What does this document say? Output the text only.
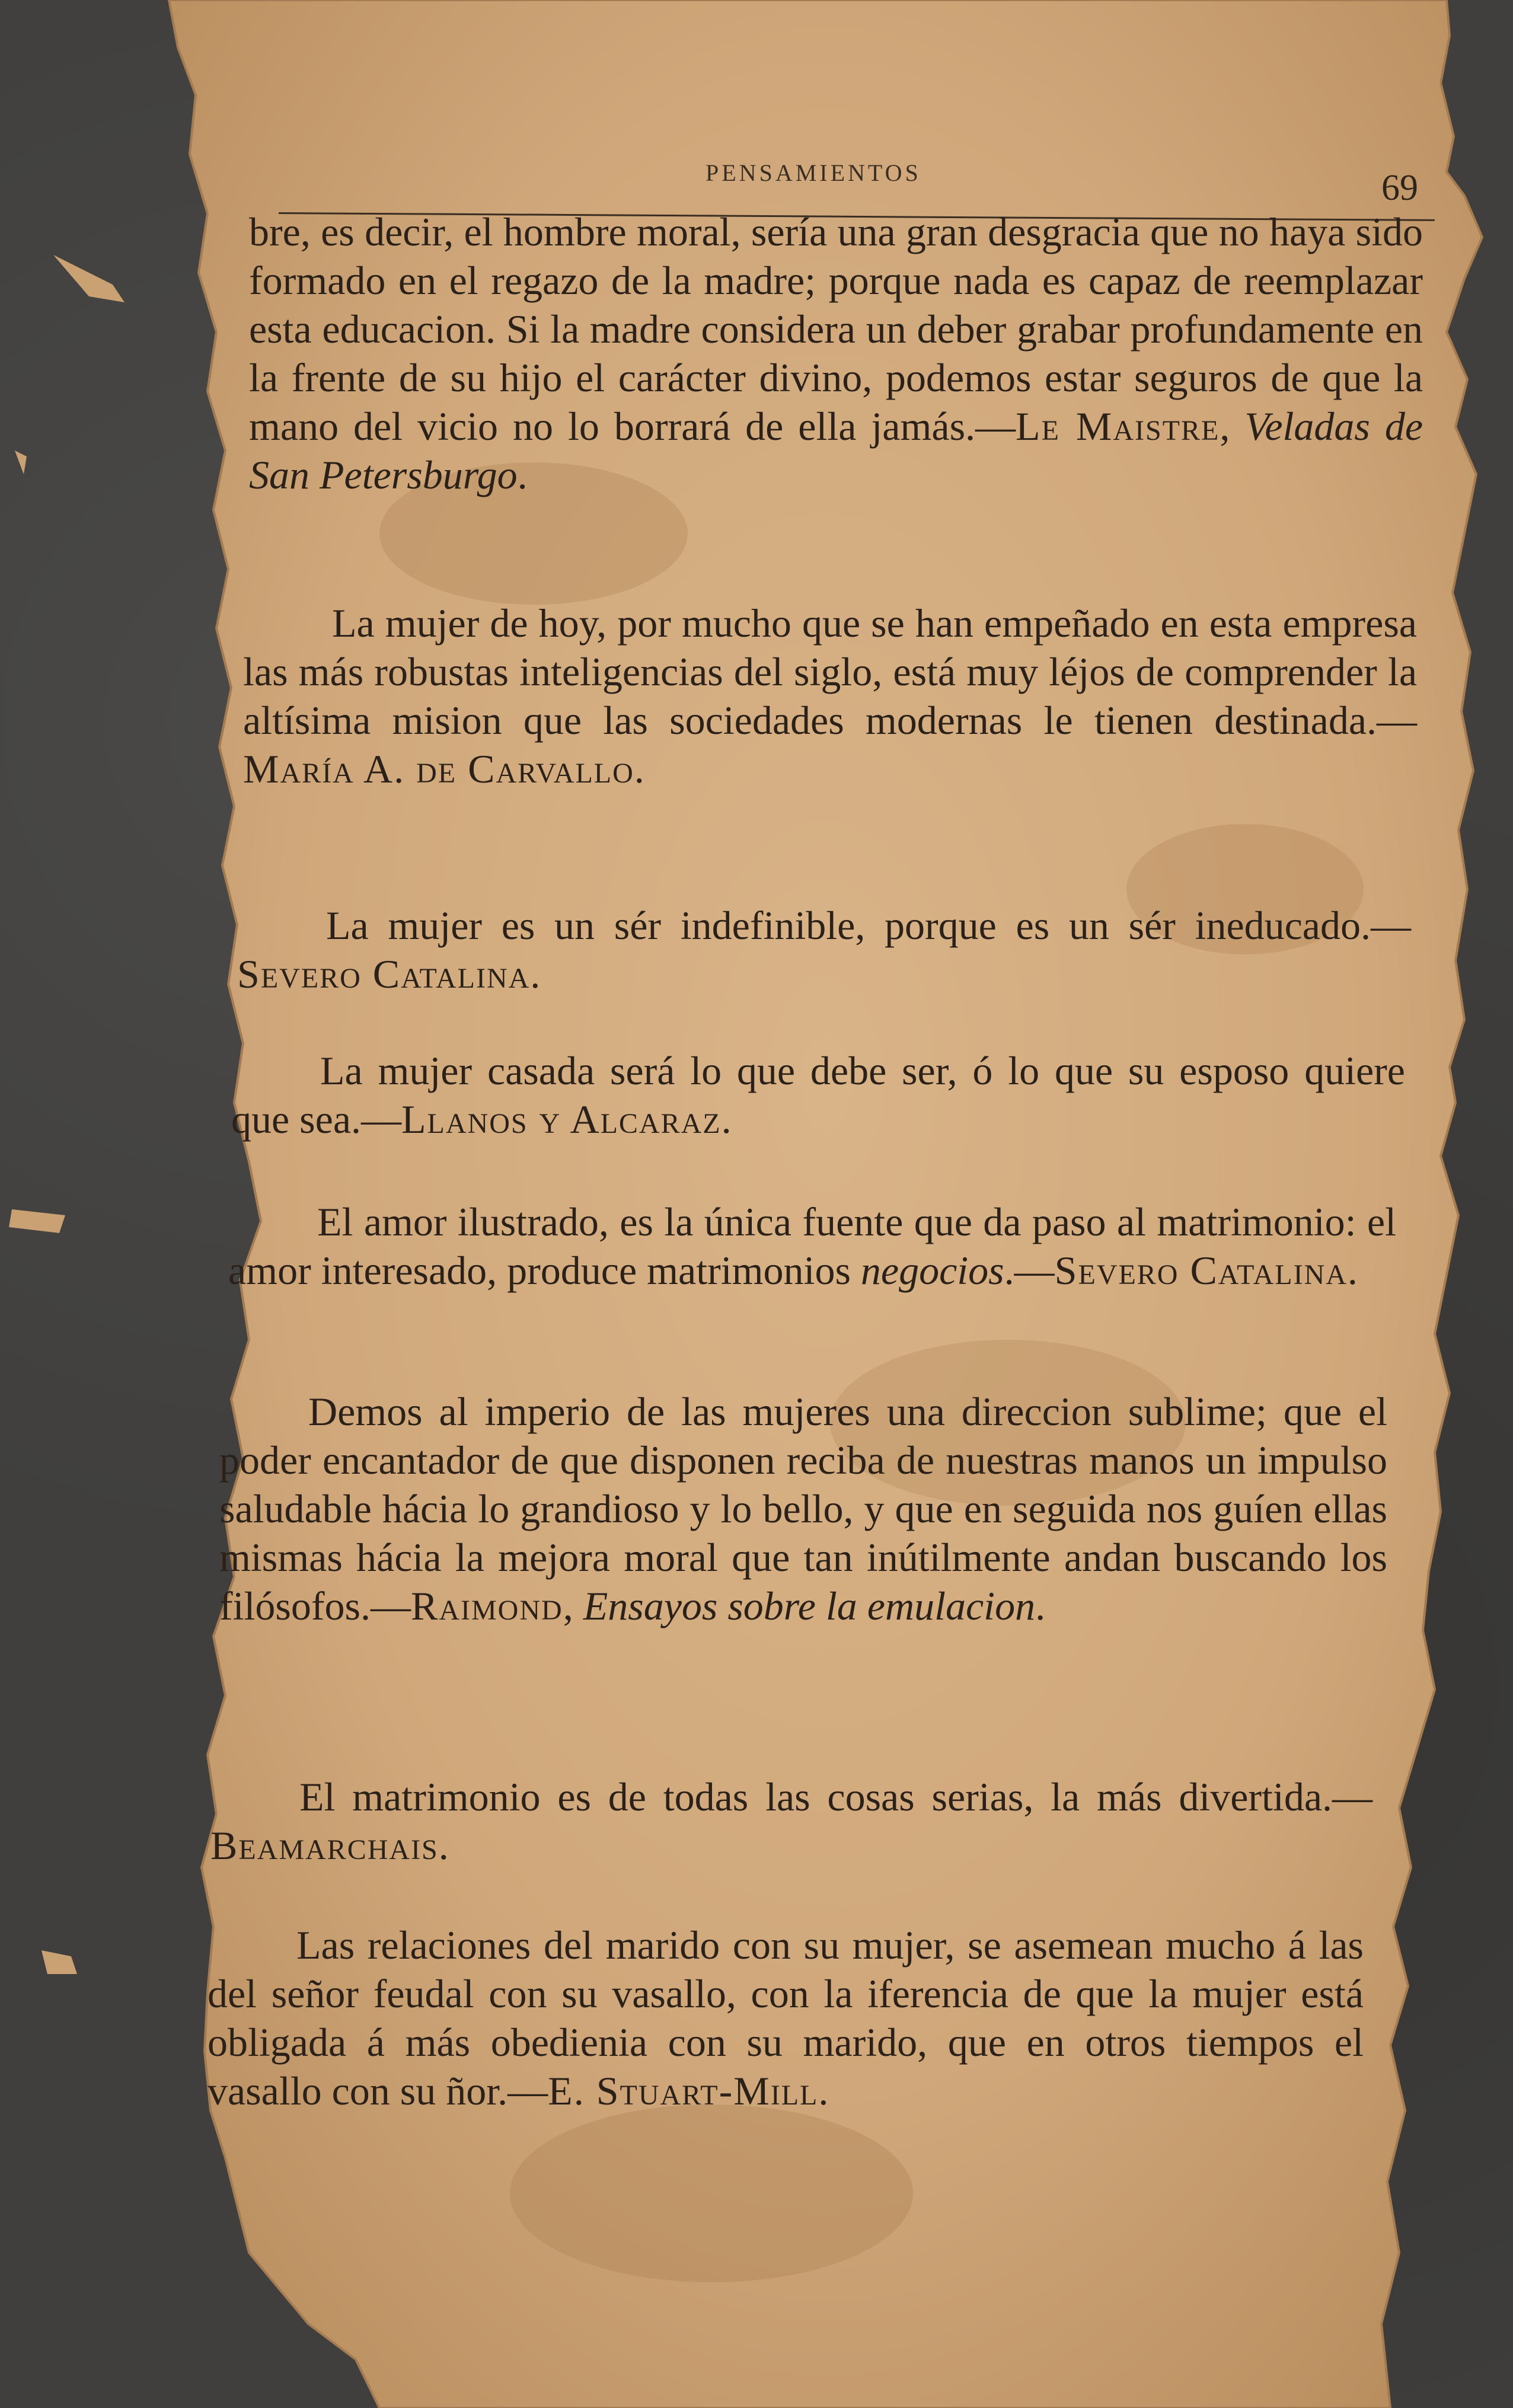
PENSAMIENTOS	69

bre, es decir, el hombre moral, sería una gran desgracia que no haya sido formado en el regazo de la madre; porque nada es capaz de reemplazar esta educacion. Si la madre considera un deber grabar profundamente en la frente de su hijo el carácter divino, podemos estar seguros de que la mano del vicio no lo borrará de ella jamás.—Le Maistre, Veladas de San Petersburgo.

La mujer de hoy, por mucho que se han empeñado en esta empresa las más robustas inteligencias del siglo, está muy léjos de comprender la altísima mision que las sociedades modernas le tienen destinada.—María A. de Carvallo.

La mujer es un sér indefinible, porque es un sér ineducado.—Severo Catalina.

La mujer casada será lo que debe ser, ó lo que su esposo quiere que sea.—Llanos y Alcaraz.

El amor ilustrado, es la única fuente que da paso al matrimonio: el amor interesado, produce matrimonios negocios.—Severo Catalina.

Demos al imperio de las mujeres una direccion sublime; que el poder encantador de que disponen reciba de nuestras manos un impulso saludable hácia lo grandioso y lo bello, y que en seguida nos guíen ellas mismas hácia la mejora moral que tan inútilmente andan buscando los filósofos.—Raimond, Ensayos sobre la emulacion.

El matrimonio es de todas las cosas serias, la más divertida.—Beamarchais.

Las relaciones del marido con su mujer, se asemean mucho á las del señor feudal con su vasallo, con la iferencia de que la mujer está obligada á más obedienia con su marido, que en otros tiempos el vasallo con su ñor.—E. Stuart-Mill.
